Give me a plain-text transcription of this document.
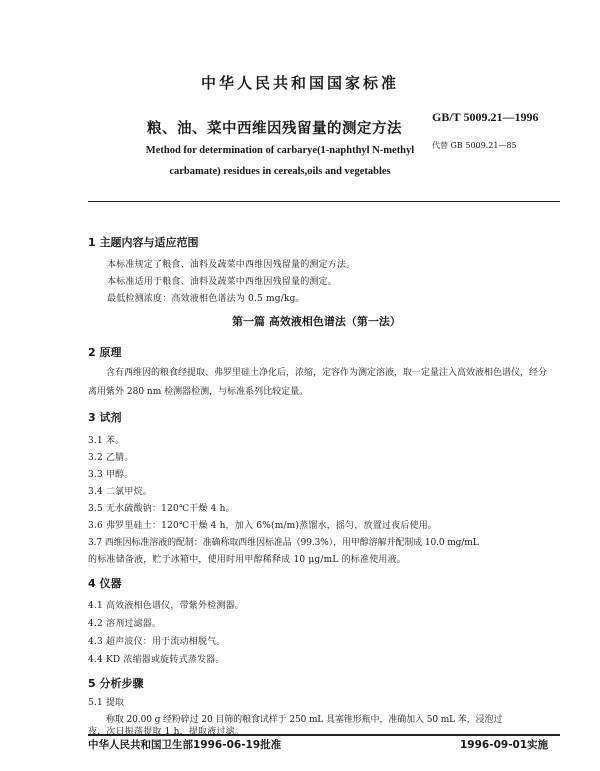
中华人民共和国国家标准
粮、油、菜中西维因残留量的测定方法
GB/T 5009.21—1996
Method for determination of carbarye(1-naphthyl N-methyl
carbamate) residues in cereals,oils and vegetables
代替 GB 5009.21—85
1 主题内容与适应范围
本标准规定了粮食、油料及蔬菜中西维因残留量的测定方法。
本标准适用于粮食、油料及蔬菜中西维因残留量的测定。
最低检测浓度：高效液相色谱法为 0.5 mg/kg。
第一篇 高效液相色谱法（第一法）
2 原理
含有西维因的粮食经提取、弗罗里硅土净化后，浓缩，定容作为测定溶液，取一定量注入高效液相色谱仪，经分离用紫外 280 nm 检测器检测，与标准系列比较定量。
3 试剂
3.1 苯。
3.2 乙腈。
3.3 甲醇。
3.4 二氯甲烷。
3.5 无水硫酸钠：120℃干燥 4 h。
3.6 弗罗里硅土：120℃干燥 4 h，加入 6%(m/m)蒸馏水，摇匀，放置过夜后使用。
3.7 西维因标准溶液的配制：准确称取西维因标准品（99.3%），用甲醇溶解并配制成 10.0 mg/mL
的标准储备液，贮于冰箱中，使用时用甲醇稀释成 10 μg/mL 的标准使用液。
4 仪器
4.1 高效液相色谱仪，带紫外检测器。
4.2 溶剂过滤器。
4.3 超声波仪：用于流动相脱气。
4.4 KD 浓缩器或旋转式蒸发器。
5 分析步骤
5.1 提取
称取 20.00 g 经粉碎过 20 目筛的粮食试样于 250 mL 具塞锥形瓶中，准确加入 50 mL 苯，浸泡过
夜，次日振荡提取 1 h，提取液过滤。
中华人民共和国卫生部1996-06-19批准	1996-09-01实施
